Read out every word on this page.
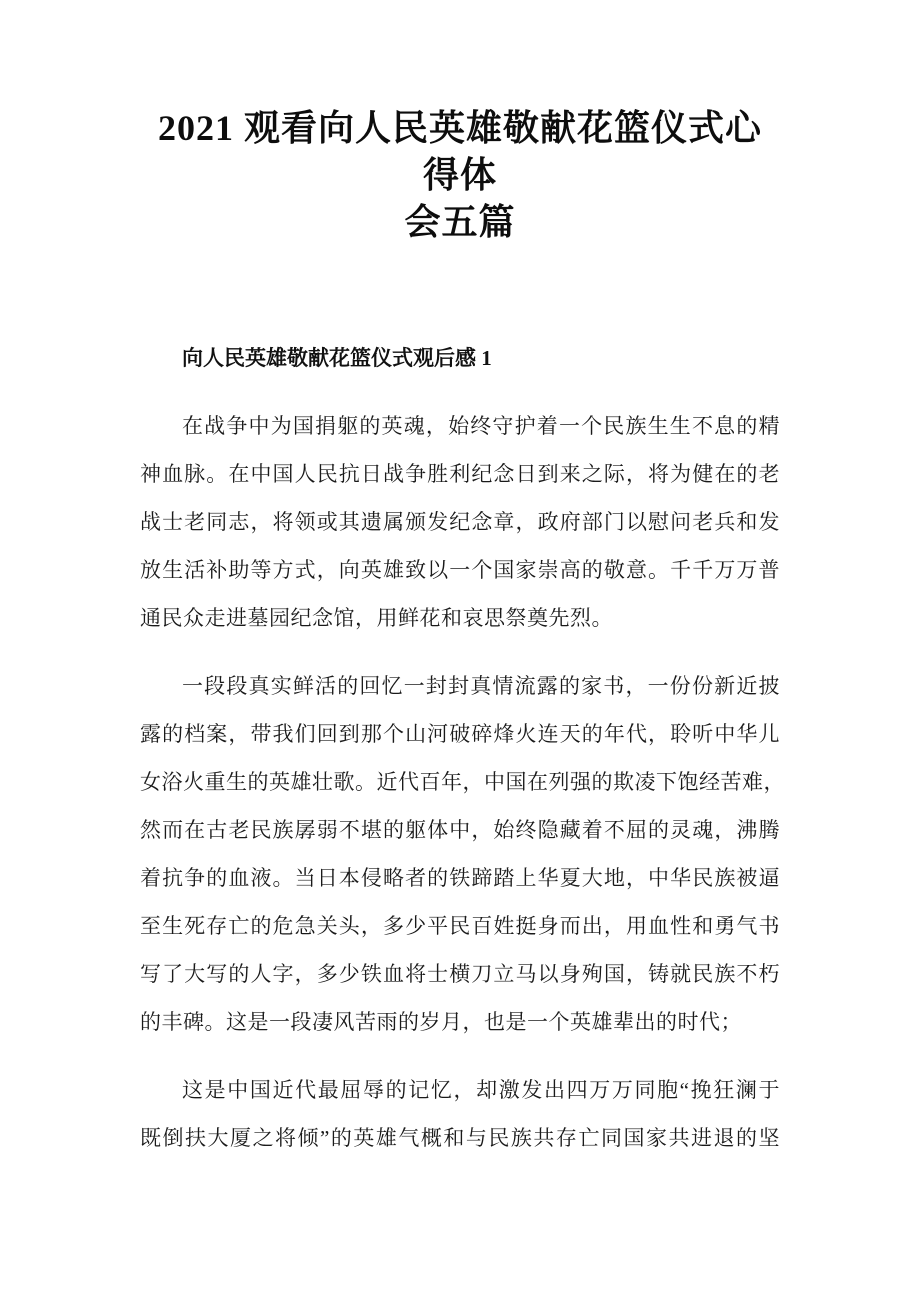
2021 观看向人民英雄敬献花篮仪式心得体
会五篇
向人民英雄敬献花篮仪式观后感 1
在战争中为国捐躯的英魂，始终守护着一个民族生生不息的精
神血脉。在中国人民抗日战争胜利纪念日到来之际，将为健在的老
战士老同志，将领或其遗属颁发纪念章，政府部门以慰问老兵和发
放生活补助等方式，向英雄致以一个国家崇高的敬意。千千万万普
通民众走进墓园纪念馆，用鲜花和哀思祭奠先烈。
一段段真实鲜活的回忆一封封真情流露的家书，一份份新近披
露的档案，带我们回到那个山河破碎烽火连天的年代，聆听中华儿
女浴火重生的英雄壮歌。近代百年，中国在列强的欺凌下饱经苦难，
然而在古老民族孱弱不堪的躯体中，始终隐藏着不屈的灵魂，沸腾
着抗争的血液。当日本侵略者的铁蹄踏上华夏大地，中华民族被逼
至生死存亡的危急关头，多少平民百姓挺身而出，用血性和勇气书
写了大写的人字，多少铁血将士横刀立马以身殉国，铸就民族不朽
的丰碑。这是一段凄风苦雨的岁月，也是一个英雄辈出的时代；
这是中国近代最屈辱的记忆，却激发出四万万同胞“挽狂澜于
既倒扶大厦之将倾”的英雄气概和与民族共存亡同国家共进退的坚
